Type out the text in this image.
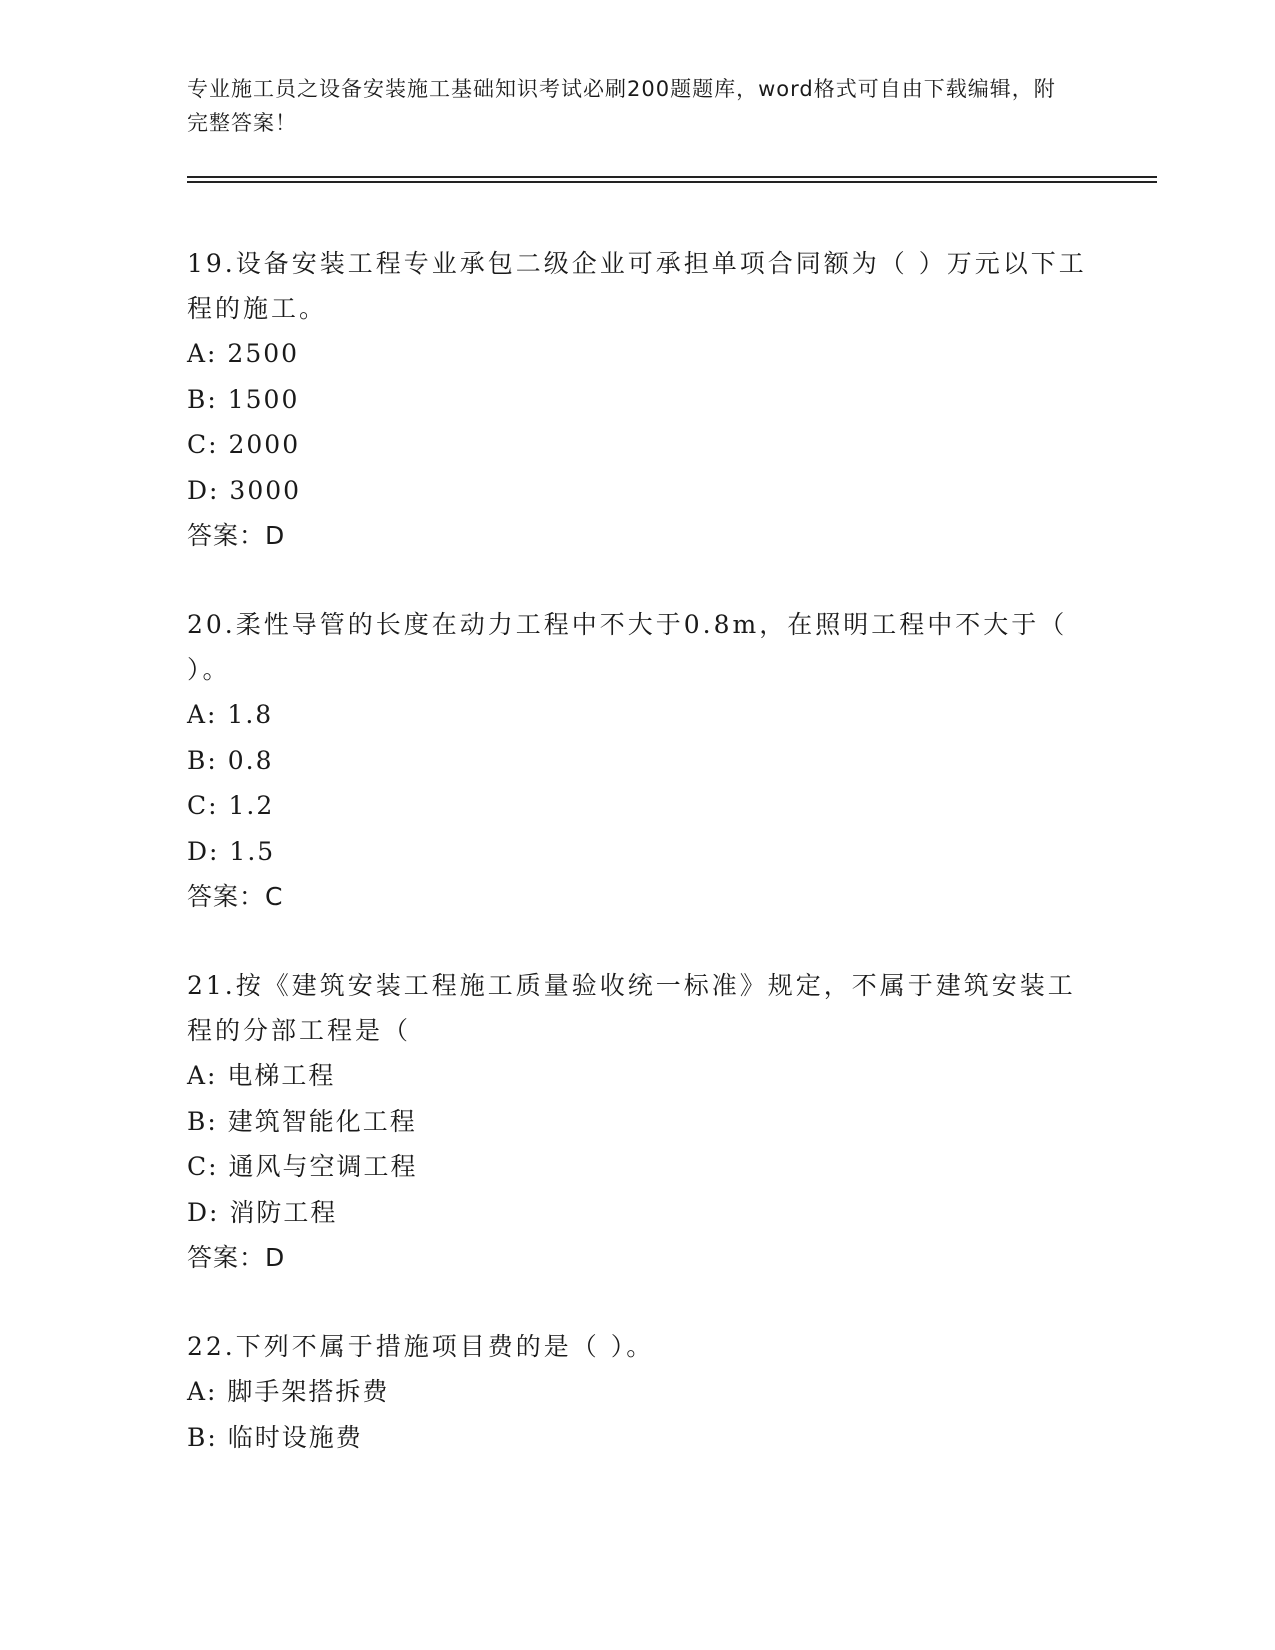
专业施工员之设备安装施工基础知识考试必刷200题题库，word格式可自由下载编辑，附完整答案！
19.设备安装工程专业承包二级企业可承担单项合同额为（ ）万元以下工程的施工。
A: 2500
B: 1500
C: 2000
D: 3000
答案：D
20.柔性导管的长度在动力工程中不大于0.8m，在照明工程中不大于（ ）。
A: 1.8
B: 0.8
C: 1.2
D: 1.5
答案：C
21.按《建筑安装工程施工质量验收统一标准》规定，不属于建筑安装工程的分部工程是（
A: 电梯工程
B: 建筑智能化工程
C: 通风与空调工程
D: 消防工程
答案：D
22.下列不属于措施项目费的是（ ）。
A: 脚手架搭拆费
B: 临时设施费
